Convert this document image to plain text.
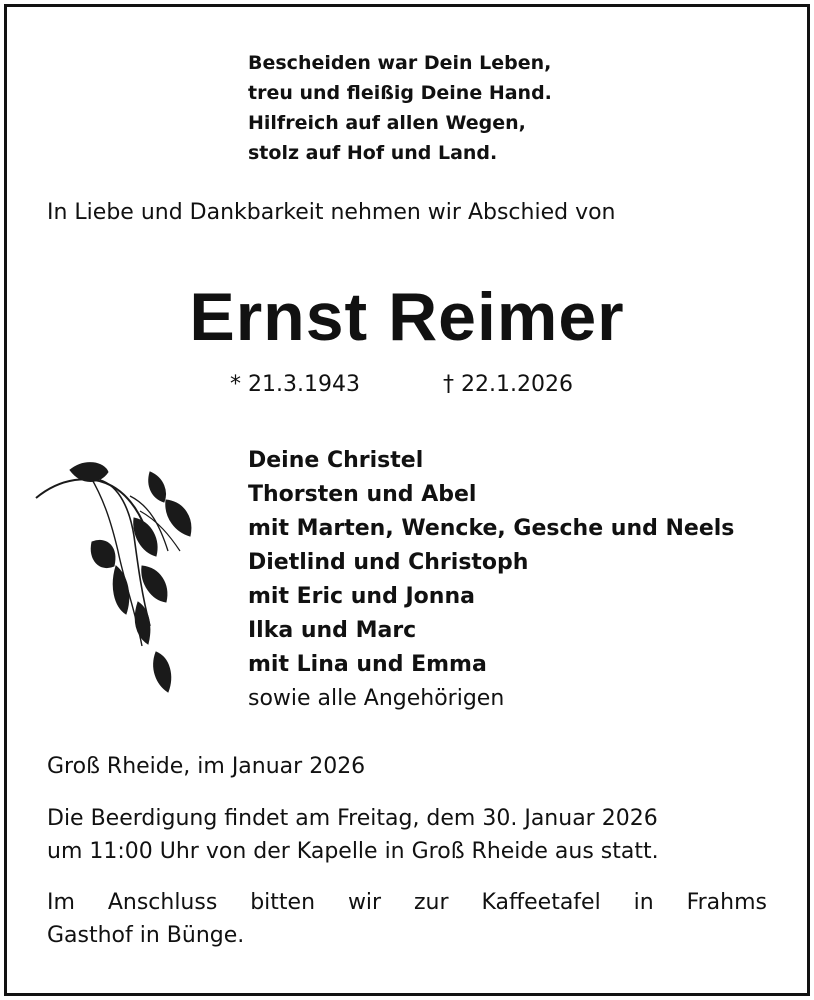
Bescheiden war Dein Leben,
treu und fleißig Deine Hand.
Hilfreich auf allen Wegen,
stolz auf Hof und Land.
In Liebe und Dankbarkeit nehmen wir Abschied von
Ernst Reimer
* 21.3.1943	† 22.1.2026
Deine Christel
Thorsten und Abel
mit Marten, Wencke, Gesche und Neels
Dietlind und Christoph
mit Eric und Jonna
Ilka und Marc
mit Lina und Emma
sowie alle Angehörigen
Groß Rheide, im Januar 2026
Die Beerdigung findet am Freitag, dem 30. Januar 2026
um 11:00 Uhr von der Kapelle in Groß Rheide aus statt.
Im Anschluss bitten wir zur Kaffeetafel in Frahms
Gasthof in Bünge.
